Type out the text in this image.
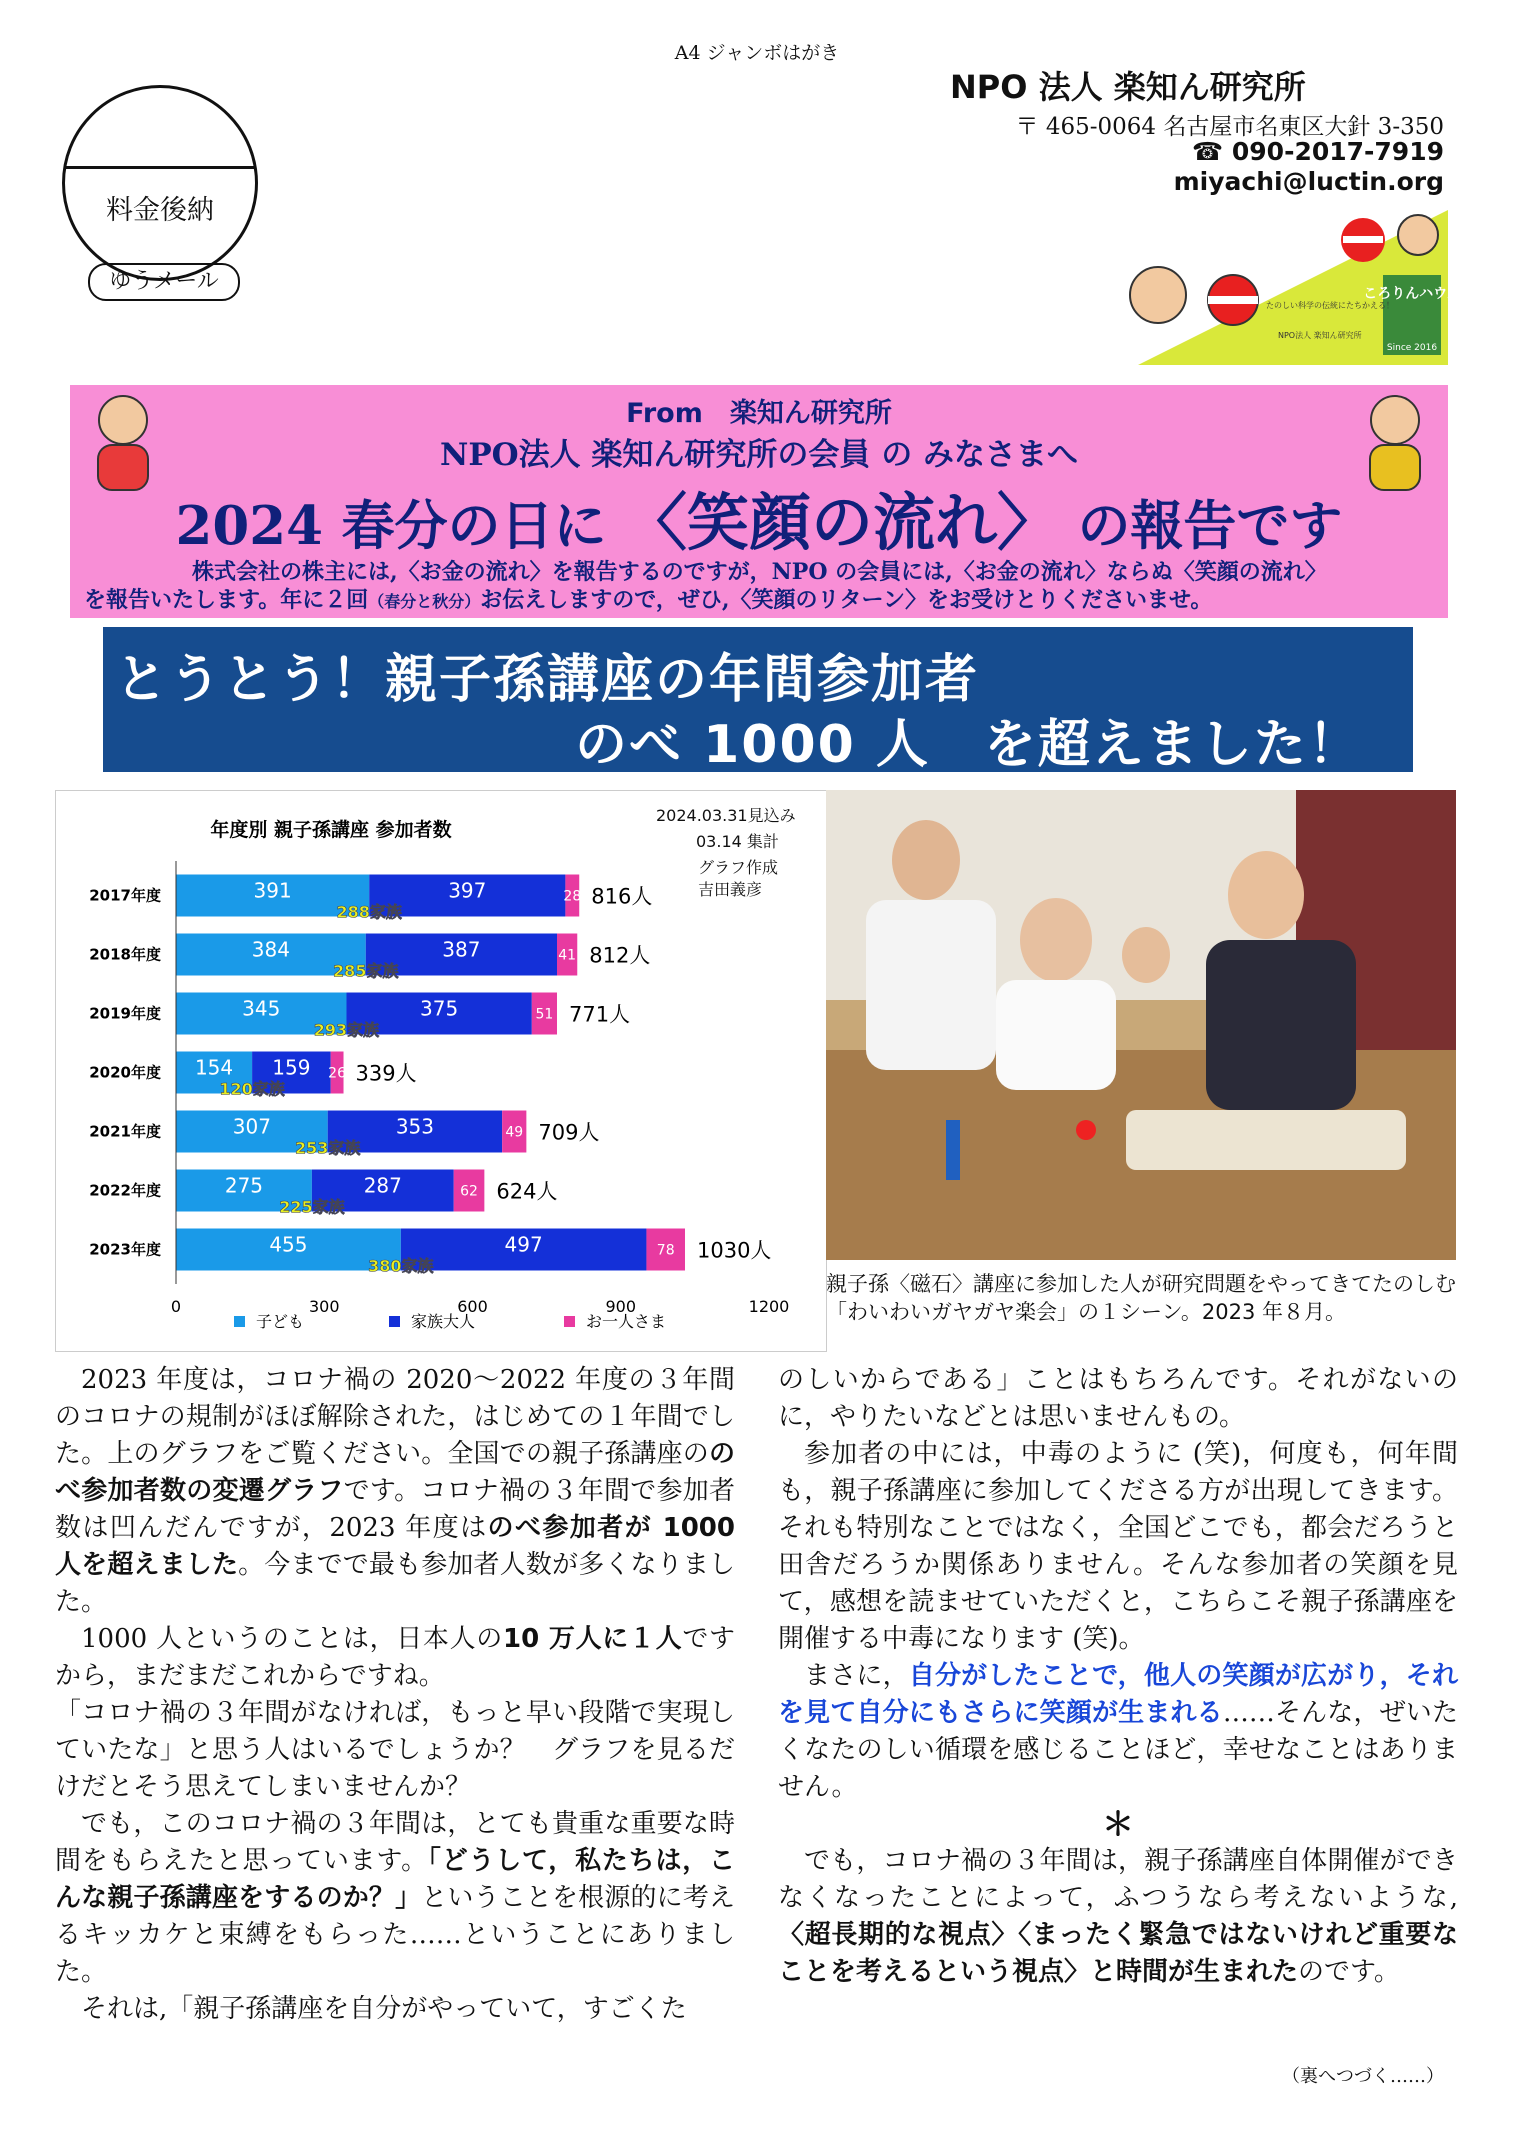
A4 ジャンボはがき
料金後納
ゆうメール
NPO 法人 楽知ん研究所
〒 465-0064 名古屋市名東区大針 3-350
☎ 090-2017-7919
miyachi@luctin.org
ころりんハウス
Since 2016
たのしい科学の伝統にたちかえる！
NPO法人 楽知ん研究所
From　楽知ん研究所
NPO法人 楽知ん研究所の会員 の みなさまへ
2024 春分の日に 〈笑顔の流れ〉 の報告です
株式会社の株主には,〈お金の流れ〉を報告するのですが，NPO の会員には,〈お金の流れ〉ならぬ〈笑顔の流れ〉
を報告いたします。年に２回（春分と秋分）お伝えしますので，ぜひ,〈笑顔のリターン〉をお受けとりくださいませ。
とうとう！親子孫講座の年間参加者
のべ 1000 人　を超えました！
年度別 親子孫講座 参加者数
2017年度	391	397	28 816人
288家族
2018年度	384	387	41 812人
285家族
2019年度	345	375	51 771人
293家族
2020年度 154 159 26 339人
120家族
2021年度	307	353	49 709人
253家族
2022年度	275	287	62 624人
225家族
2023年度	455	497	78 1030人
380家族
0	300	600	900	1200
子ども	家族大人	お一人さま
2024.03.31見込み
03.14 集計
グラフ作成
吉田義彦
親子孫〈磁石〉講座に参加した人が研究問題をやってきてたのしむ「わいわいガヤガヤ楽会」の１シーン。2023 年８月。

2023 年度は，コロナ禍の 2020〜2022 年度の３年間のコロナの規制がほぼ解除された，はじめての１年間でした。上のグラフをご覧ください。全国での親子孫講座ののべ参加者数の変遷グラフです。コロナ禍の３年間で参加者数は凹んだんですが，2023 年度はのべ参加者が 1000 人を超えました。今までで最も参加者人数が多くなりました。

1000 人というのことは，日本人の10 万人に１人ですから，まだまだこれからですね。

「コロナ禍の３年間がなければ，もっと早い段階で実現していたな」と思う人はいるでしょうか？　グラフを見るだけだとそう思えてしまいませんか？

でも，このコロナ禍の３年間は，とても貴重な重要な時間をもらえたと思っています。「どうして，私たちは，こんな親子孫講座をするのか？」ということを根源的に考えるキッカケと束縛をもらった……ということにありました。

それは,「親子孫講座を自分がやっていて，すごくた

のしいからである」ことはもちろんです。それがないのに，やりたいなどとは思いませんもの。

参加者の中には，中毒のように (笑)，何度も，何年間も，親子孫講座に参加してくださる方が出現してきます。それも特別なことではなく，全国どこでも，都会だろうと田舎だろうか関係ありません。そんな参加者の笑顔を見て，感想を読ませていただくと，こちらこそ親子孫講座を開催する中毒になります (笑)。

まさに，自分がしたことで，他人の笑顔が広がり，それを見て自分にもさらに笑顔が生まれる……そんな，ぜいたくなたのしい循環を感じることほど，幸せなことはありません。

＊

でも，コロナ禍の３年間は，親子孫講座自体開催ができなくなったことによって，ふつうなら考えないような,〈超長期的な視点〉〈まったく緊急ではないけれど重要なことを考えるという視点〉と時間が生まれたのです。

（裏へつづく……）
